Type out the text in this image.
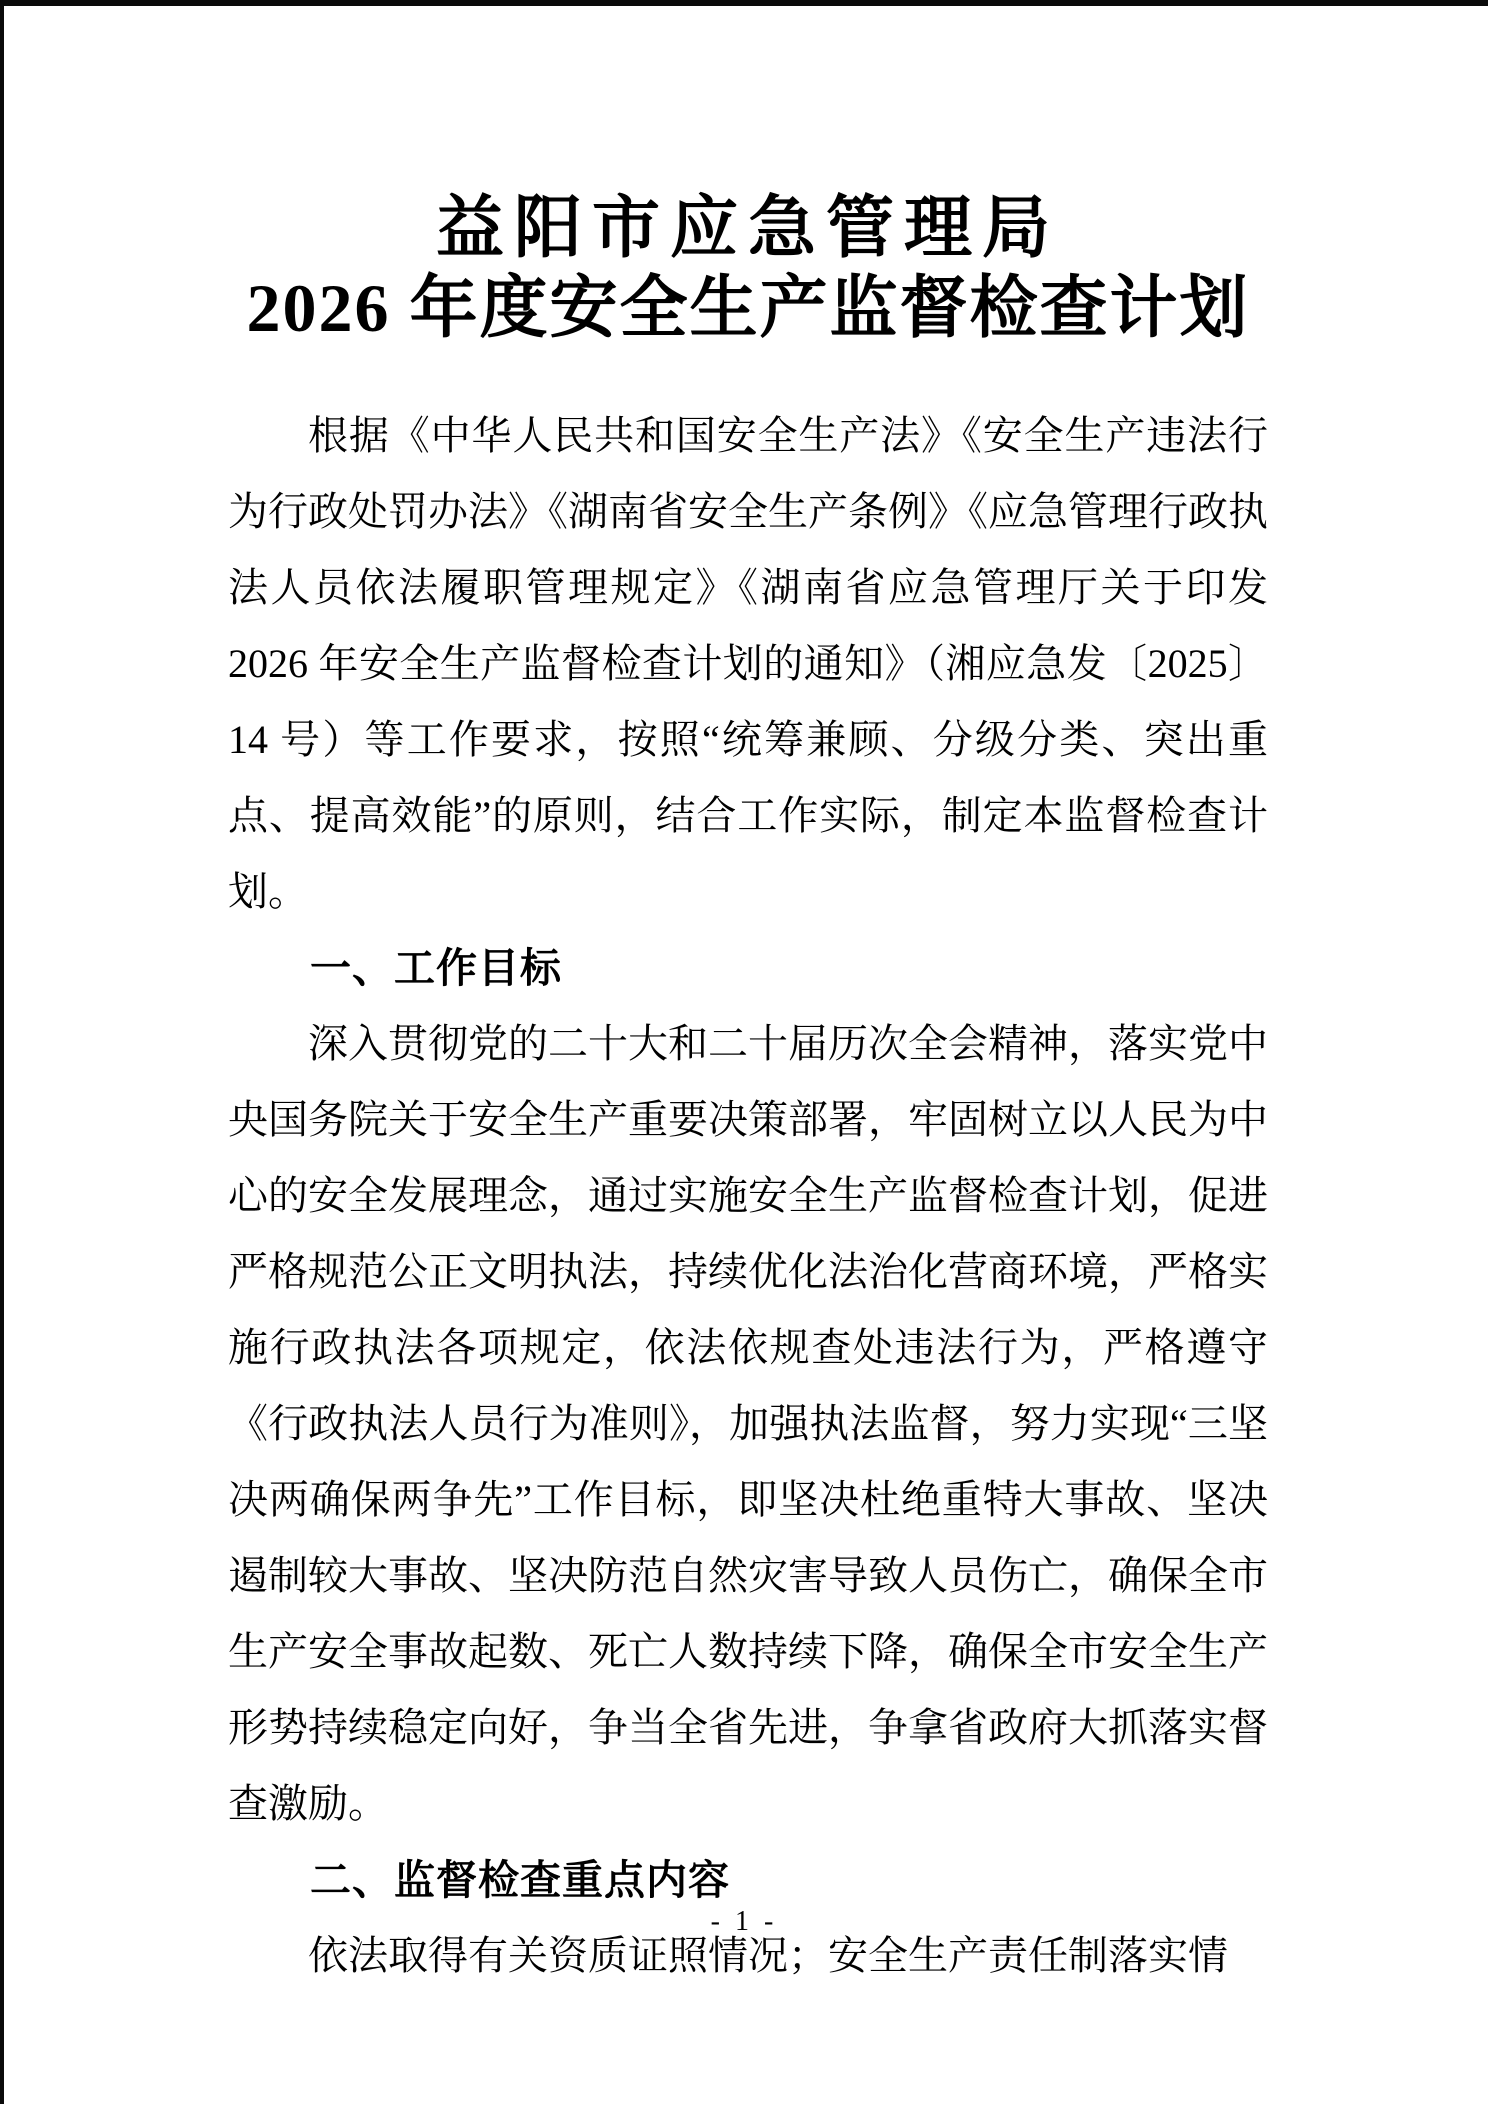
益阳市应急管理局
2026 年度安全生产监督检查计划

根据《中华人民共和国安全生产法》《安全生产违法行为行政处罚办法》《湖南省安全生产条例》《应急管理行政执法人员依法履职管理规定》《湖南省应急管理厅关于印发 2026 年安全生产监督检查计划的通知》（湘应急发〔2025〕14 号）等工作要求，按照“统筹兼顾、分级分类、突出重点、提高效能”的原则，结合工作实际，制定本监督检查计划。

一、工作目标

深入贯彻党的二十大和二十届历次全会精神，落实党中央国务院关于安全生产重要决策部署，牢固树立以人民为中心的安全发展理念，通过实施安全生产监督检查计划，促进严格规范公正文明执法，持续优化法治化营商环境，严格实施行政执法各项规定，依法依规查处违法行为，严格遵守《行政执法人员行为准则》，加强执法监督，努力实现“三坚决两确保两争先”工作目标，即坚决杜绝重特大事故、坚决遏制较大事故、坚决防范自然灾害导致人员伤亡，确保全市生产安全事故起数、死亡人数持续下降，确保全市安全生产形势持续稳定向好，争当全省先进，争拿省政府大抓落实督查激励。

二、监督检查重点内容

依法取得有关资质证照情况；安全生产责任制落实情

- 1 -
